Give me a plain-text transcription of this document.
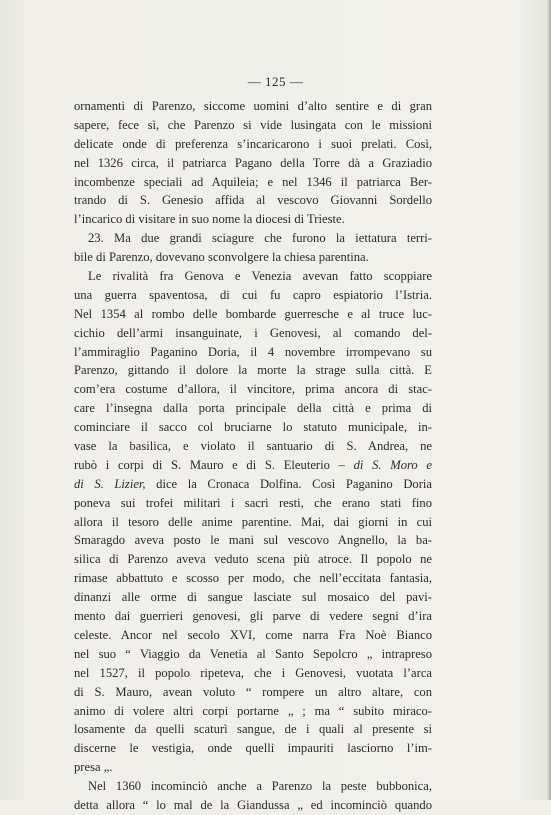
— 125 —
ornamenti di Parenzo, siccome uomini d’alto sentire e di gran
sapere, fece sì, che Parenzo si vide lusingata con le missioni
delicate onde di preferenza s’incaricarono i suoi prelati. Così,
nel 1326 circa, il patriarca Pagano della Torre dà a Graziadio
incombenze speciali ad Aquileia; e nel 1346 il patriarca Ber-
trando di S. Genesio affida al vescovo Giovanni Sordello
l’incarico di visitare in suo nome la diocesi di Trieste.
23. Ma due grandi sciagure che furono la iettatura terri-
bile di Parenzo, dovevano sconvolgere la chiesa parentina.
Le rivalità fra Genova e Venezia avevan fatto scoppiare
una guerra spaventosa, di cui fu capro espiatorio l’Istria.
Nel 1354 al rombo delle bombarde guerresche e al truce luc-
cichio dell’armi insanguinate, i Genovesi, al comando del-
l’ammiraglio Paganino Doria, il 4 novembre irrompevano su
Parenzo, gittando il dolore la morte la strage sulla città. E
com’era costume d’allora, il vincitore, prima ancora di stac-
care l’insegna dalla porta principale della città e prima di
cominciare il sacco col bruciarne lo statuto municipale, in-
vase la basilica, e violato il santuario di S. Andrea, ne
rubò i corpi di S. Mauro e di S. Eleuterio – di S. Moro e
di S. Lizier, dice la Cronaca Dolfina. Così Paganino Doria
poneva sui trofei militari i sacri resti, che erano stati fino
allora il tesoro delle anime parentine. Mai, dai giorni in cui
Smaragdo aveva posto le mani sul vescovo Angnello, la ba-
silica di Parenzo aveva veduto scena più atroce. Il popolo ne
rimase abbattuto e scosso per modo, che nell’eccitata fantasia,
dinanzi alle orme di sangue lasciate sul mosaico del pavi-
mento dai guerrieri genovesi, gli parve di vedere segni d’ira
celeste. Ancor nel secolo XVI, come narra Fra Noè Bianco
nel suo “ Viaggio da Venetia al Santo Sepolcro „ intrapreso
nel 1527, il popolo ripeteva, che i Genovesi, vuotata l’arca
di S. Mauro, avean voluto “ rompere un altro altare, con
animo di volere altri corpi portarne „ ; ma “ subito miraco-
losamente da quelli scaturì sangue, de i quali al presente si
discerne le vestigia, onde quelli impauriti lasciorno l’im-
presa „.
Nel 1360 incominciò anche a Parenzo la peste bubbonica,
detta allora “ lo mal de la Giandussa „ ed incominciò quando
